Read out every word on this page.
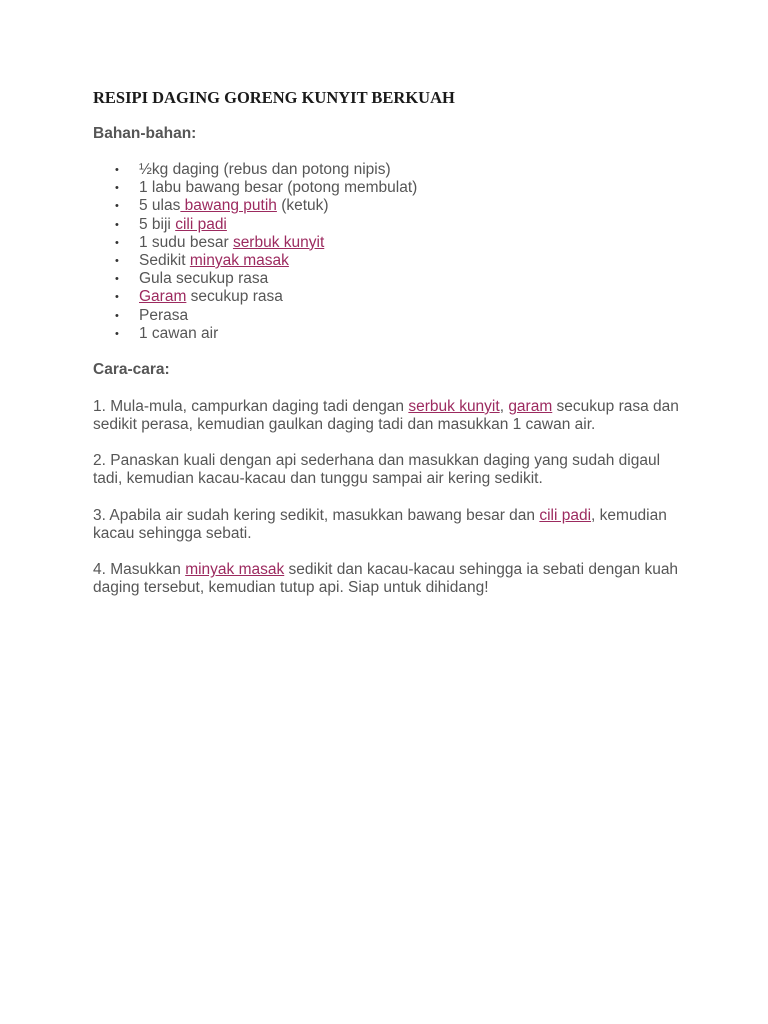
RESIPI DAGING GORENG KUNYIT BERKUAH

Bahan-bahan:

• ½kg daging (rebus dan potong nipis)
• 1 labu bawang besar (potong membulat)
• 5 ulas bawang putih (ketuk)
• 5 biji cili padi
• 1 sudu besar serbuk kunyit
• Sedikit minyak masak
• Gula secukup rasa
• Garam secukup rasa
• Perasa
• 1 cawan air

Cara-cara:

1. Mula-mula, campurkan daging tadi dengan serbuk kunyit, garam secukup rasa dan sedikit perasa, kemudian gaulkan daging tadi dan masukkan 1 cawan air.

2. Panaskan kuali dengan api sederhana dan masukkan daging yang sudah digaul tadi, kemudian kacau-kacau dan tunggu sampai air kering sedikit.

3. Apabila air sudah kering sedikit, masukkan bawang besar dan cili padi, kemudian kacau sehingga sebati.

4. Masukkan minyak masak sedikit dan kacau-kacau sehingga ia sebati dengan kuah daging tersebut, kemudian tutup api. Siap untuk dihidang!
